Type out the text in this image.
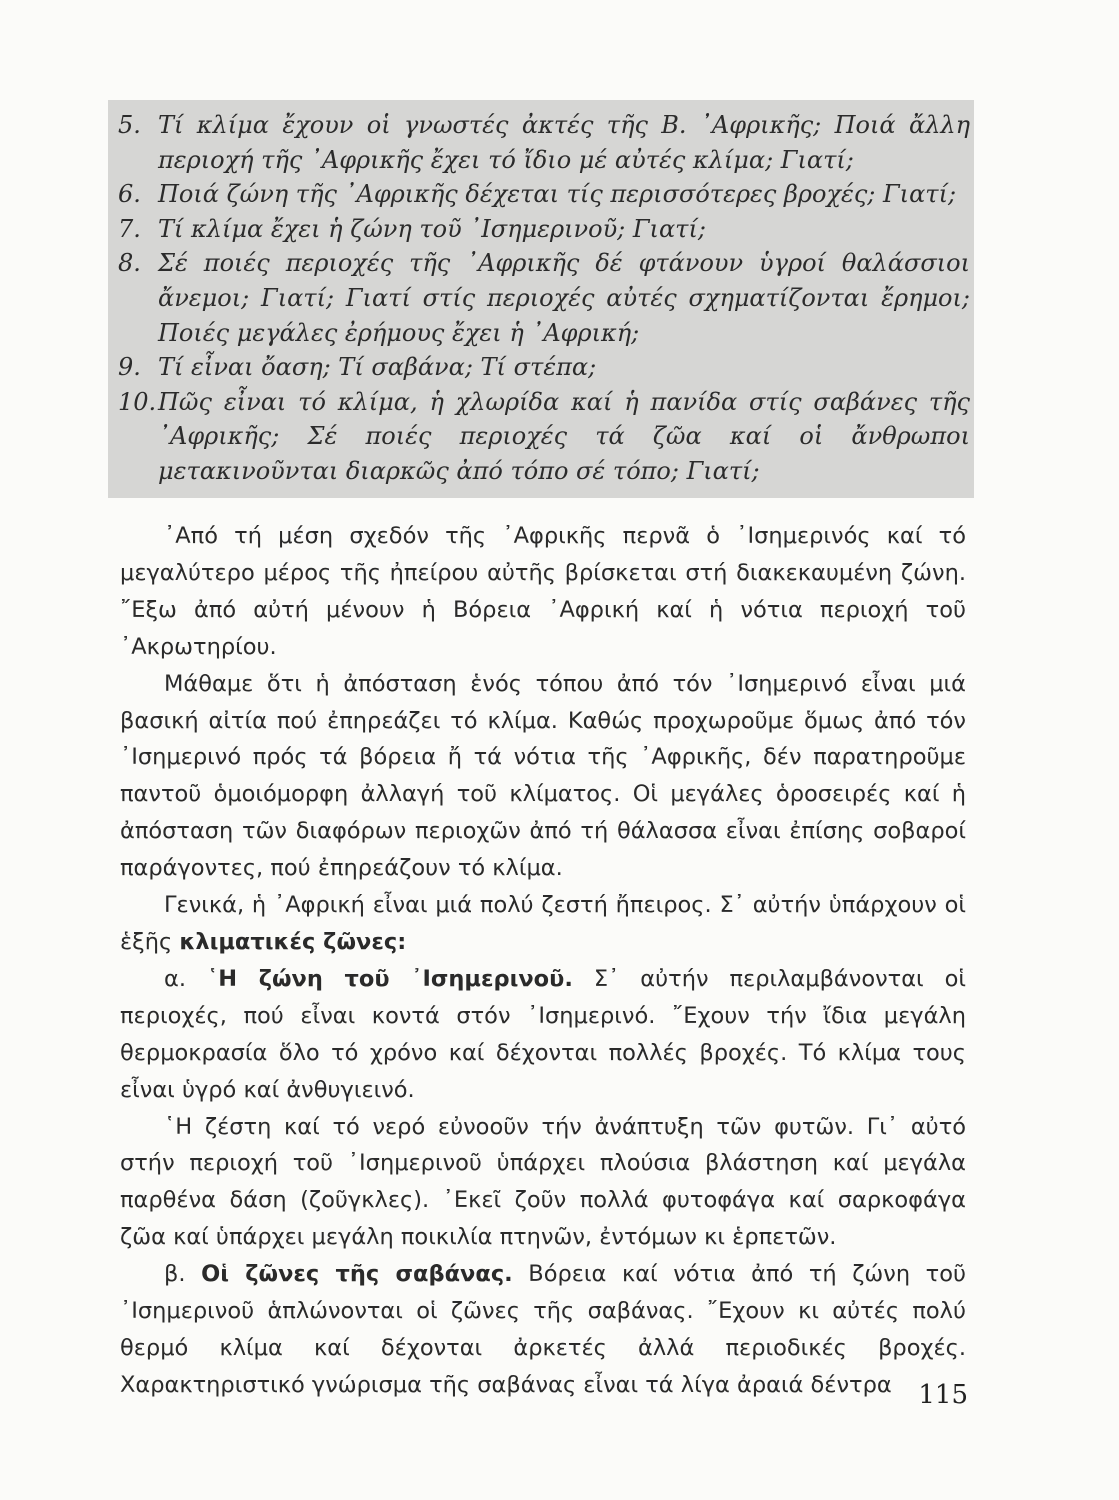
5. Τί κλίμα ἔχουν οἱ γνωστές ἀκτές τῆς Β. ᾿Αφρικῆς; Ποιά ἄλλη περιοχή τῆς ᾿Αφρικῆς ἔχει τό ἴδιο μέ αὐτές κλίμα; Γιατί;
6. Ποιά ζώνη τῆς ᾿Αφρικῆς δέχεται τίς περισσότερες βροχές; Γιατί;
7. Τί κλίμα ἔχει ἡ ζώνη τοῦ ᾿Ισημερινοῦ; Γιατί;
8. Σέ ποιές περιοχές τῆς ᾿Αφρικῆς δέ φτάνουν ὑγροί θαλάσσιοι ἄνεμοι; Γιατί; Γιατί στίς περιοχές αὐτές σχηματίζονται ἔρημοι; Ποιές μεγάλες ἐρήμους ἔχει ἡ ᾿Αφρική;
9. Τί εἶναι ὄαση; Τί σαβάνα; Τί στέπα;
10. Πῶς εἶναι τό κλίμα, ἡ χλωρίδα καί ἡ πανίδα στίς σαβάνες τῆς ᾿Αφρικῆς; Σέ ποιές περιοχές τά ζῶα καί οἱ ἄνθρωποι μετακινοῦνται διαρκῶς ἀπό τόπο σέ τόπο; Γιατί;

᾿Από τή μέση σχεδόν τῆς ᾿Αφρικῆς περνᾶ ὁ ᾿Ισημερινός καί τό μεγαλύτερο μέρος τῆς ἠπείρου αὐτῆς βρίσκεται στή διακεκαυμένη ζώνη. ῎Εξω ἀπό αὐτή μένουν ἡ Βόρεια ᾿Αφρική καί ἡ νότια περιοχή τοῦ ᾿Ακρωτηρίου.

Μάθαμε ὅτι ἡ ἀπόσταση ἑνός τόπου ἀπό τόν ᾿Ισημερινό εἶναι μιά βασική αἰτία πού ἐπηρεάζει τό κλίμα. Καθώς προχωροῦμε ὅμως ἀπό τόν ᾿Ισημερινό πρός τά βόρεια ἤ τά νότια τῆς ᾿Αφρικῆς, δέν παρατηροῦμε παντοῦ ὁμοιόμορφη ἀλλαγή τοῦ κλίματος. Οἱ μεγάλες ὁροσειρές καί ἡ ἀπόσταση τῶν διαφόρων περιοχῶν ἀπό τή θάλασσα εἶναι ἐπίσης σοβαροί παράγοντες, πού ἐπηρεάζουν τό κλίμα.

Γενικά, ἡ ᾿Αφρική εἶναι μιά πολύ ζεστή ἤπειρος. Σ᾿ αὐτήν ὑπάρχουν οἱ ἑξῆς κλιματικές ζῶνες:

α. ῾Η ζώνη τοῦ ᾿Ισημερινοῦ. Σ᾿ αὐτήν περιλαμβάνονται οἱ περιοχές, πού εἶναι κοντά στόν ᾿Ισημερινό. ῎Εχουν τήν ἴδια μεγάλη θερμοκρασία ὅλο τό χρόνο καί δέχονται πολλές βροχές. Τό κλίμα τους εἶναι ὑγρό καί ἀνθυγιεινό.

῾Η ζέστη καί τό νερό εὐνοοῦν τήν ἀνάπτυξη τῶν φυτῶν. Γι᾿ αὐτό στήν περιοχή τοῦ ᾿Ισημερινοῦ ὑπάρχει πλούσια βλάστηση καί μεγάλα παρθένα δάση (ζοῦγκλες). ᾿Εκεῖ ζοῦν πολλά φυτοφάγα καί σαρκοφάγα ζῶα καί ὑπάρχει μεγάλη ποικιλία πτηνῶν, ἐντόμων κι ἑρπετῶν.

β. Οἱ ζῶνες τῆς σαβάνας. Βόρεια καί νότια ἀπό τή ζώνη τοῦ ᾿Ισημερινοῦ ἁπλώνονται οἱ ζῶνες τῆς σαβάνας. ῎Εχουν κι αὐτές πολύ θερμό κλίμα καί δέχονται ἀρκετές ἀλλά περιοδικές βροχές. Χαρακτηριστικό γνώρισμα τῆς σαβάνας εἶναι τά λίγα ἀραιά δέντρα	115
